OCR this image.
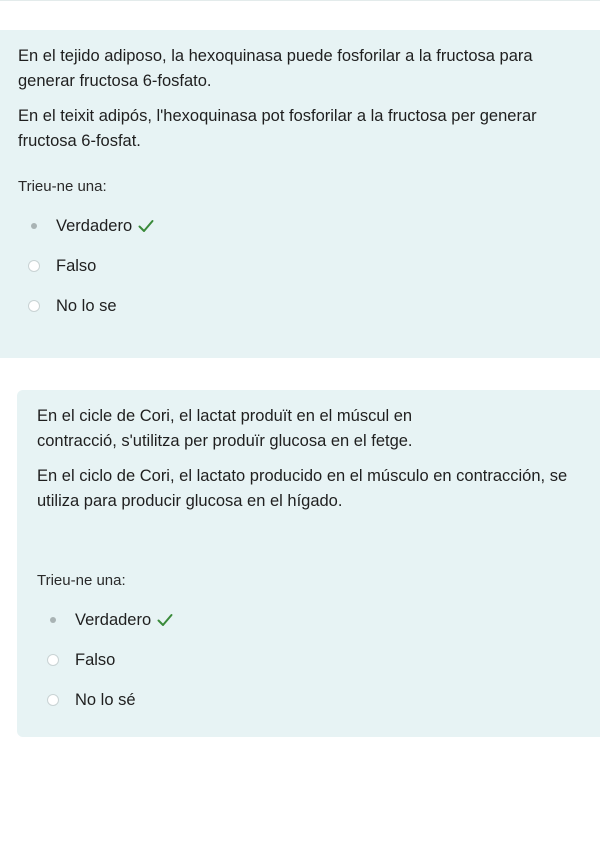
En el tejido adiposo, la hexoquinasa puede fosforilar a la fructosa para generar fructosa 6-fosfato.

En el teixit adipós, l'hexoquinasa pot fosforilar a la fructosa per generar fructosa 6-fosfat.

Trieu-ne una:
Verdadero
Falso
No lo se

En el cicle de Cori, el lactat produït en el múscul en contracció, s'utilitza per produïr glucosa en el fetge.

En el ciclo de Cori, el lactato producido en el músculo en contracción, se utiliza para producir glucosa en el hígado.

Trieu-ne una:
Verdadero
Falso
No lo sé
